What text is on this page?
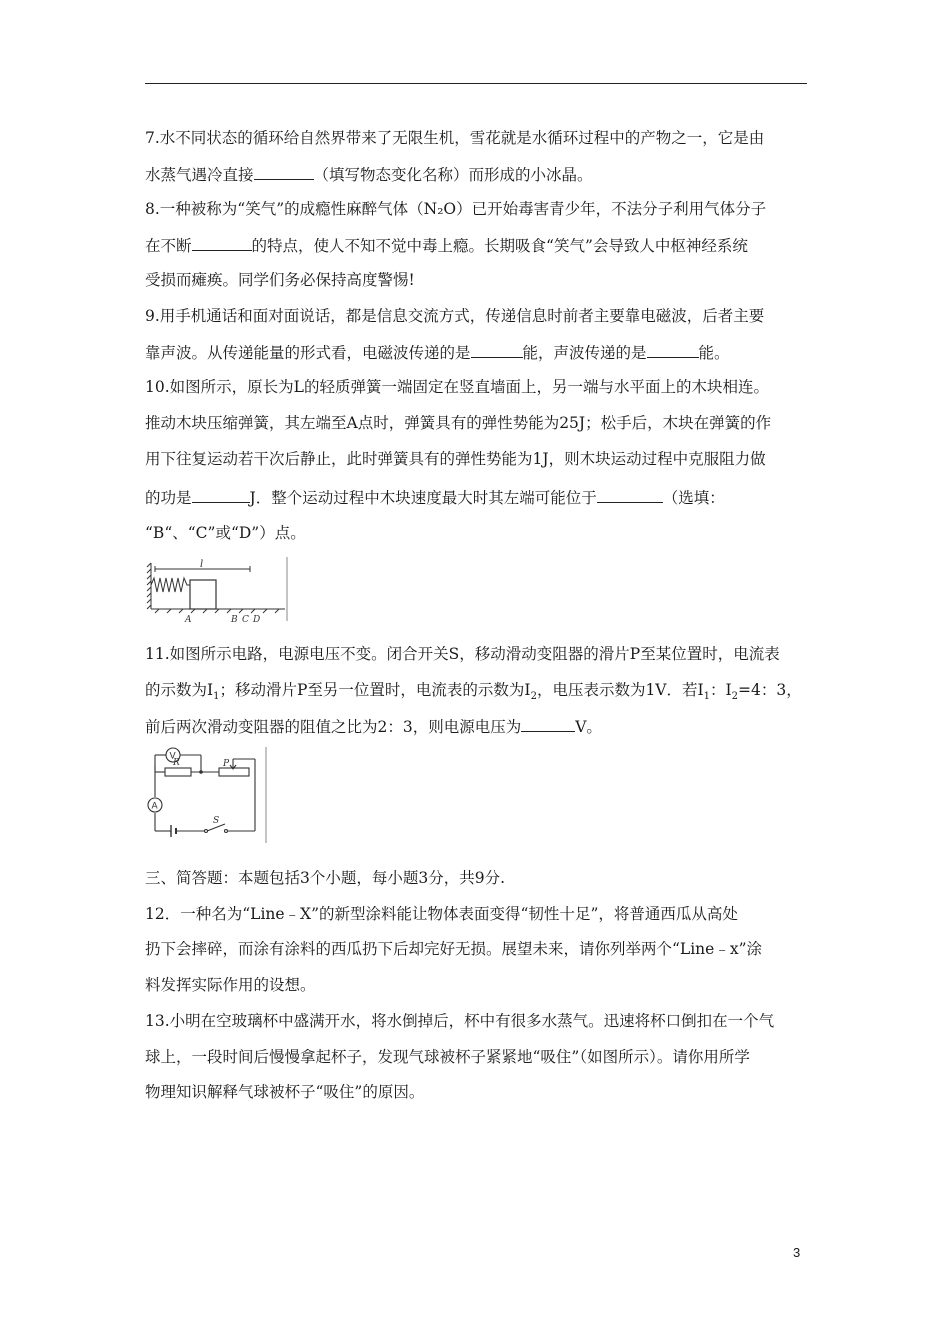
7.水不同状态的循环给自然界带来了无限生机，雪花就是水循环过程中的产物之一，它是由
水蒸气遇冷直接	（填写物态变化名称）而形成的小冰晶。
8.一种被称为“笑气”的成瘾性麻醉气体（N₂O）已开始毒害青少年，不法分子利用气体分子
在不断	的特点，使人不知不觉中毒上瘾。长期吸食“笑气”会导致人中枢神经系统
受损而瘫痪。同学们务必保持高度警惕!
9.用手机通话和面对面说话，都是信息交流方式，传递信息时前者主要靠电磁波，后者主要
靠声波。从传递能量的形式看，电磁波传递的是	能，声波传递的是	能。
10.如图所示，原长为L的轻质弹簧一端固定在竖直墙面上，另一端与水平面上的木块相连。
推动木块压缩弹簧，其左端至A点时，弹簧具有的弹性势能为25J；松手后，木块在弹簧的作
用下往复运动若干次后静止，此时弹簧具有的弹性势能为1J，则木块运动过程中克服阻力做
的功是	J．整个运动过程中木块速度最大时其左端可能位于	（选填：
“B“、“C”或“D”）点。
l
A	B C D
11.如图所示电路，电源电压不变。闭合开关S，移动滑动变阻器的滑片P至某位置时，电流表
的示数为$I_1$；移动滑片P至另一位置时，电流表的示数为$I_2$，电压表示数为1V．若$I_1$：$I_2=4$：3，
前后两次滑动变阻器的阻值之比为2：3，则电源电压为	V。
V
A
R	P
S
三、简答题：本题包括3个小题，每小题3分，共9分.
12．一种名为“Line﹣X”的新型涂料能让物体表面变得“韧性十足”，将普通西瓜从高处
扔下会摔碎，而涂有涂料的西瓜扔下后却完好无损。展望未来，请你列举两个“Line﹣x”涂
料发挥实际作用的设想。
13.小明在空玻璃杯中盛满开水，将水倒掉后，杯中有很多水蒸气。迅速将杯口倒扣在一个气
球上，一段时间后慢慢拿起杯子，发现气球被杯子紧紧地“吸住”（如图所示）。请你用所学
物理知识解释气球被杯子“吸住”的原因。
3
